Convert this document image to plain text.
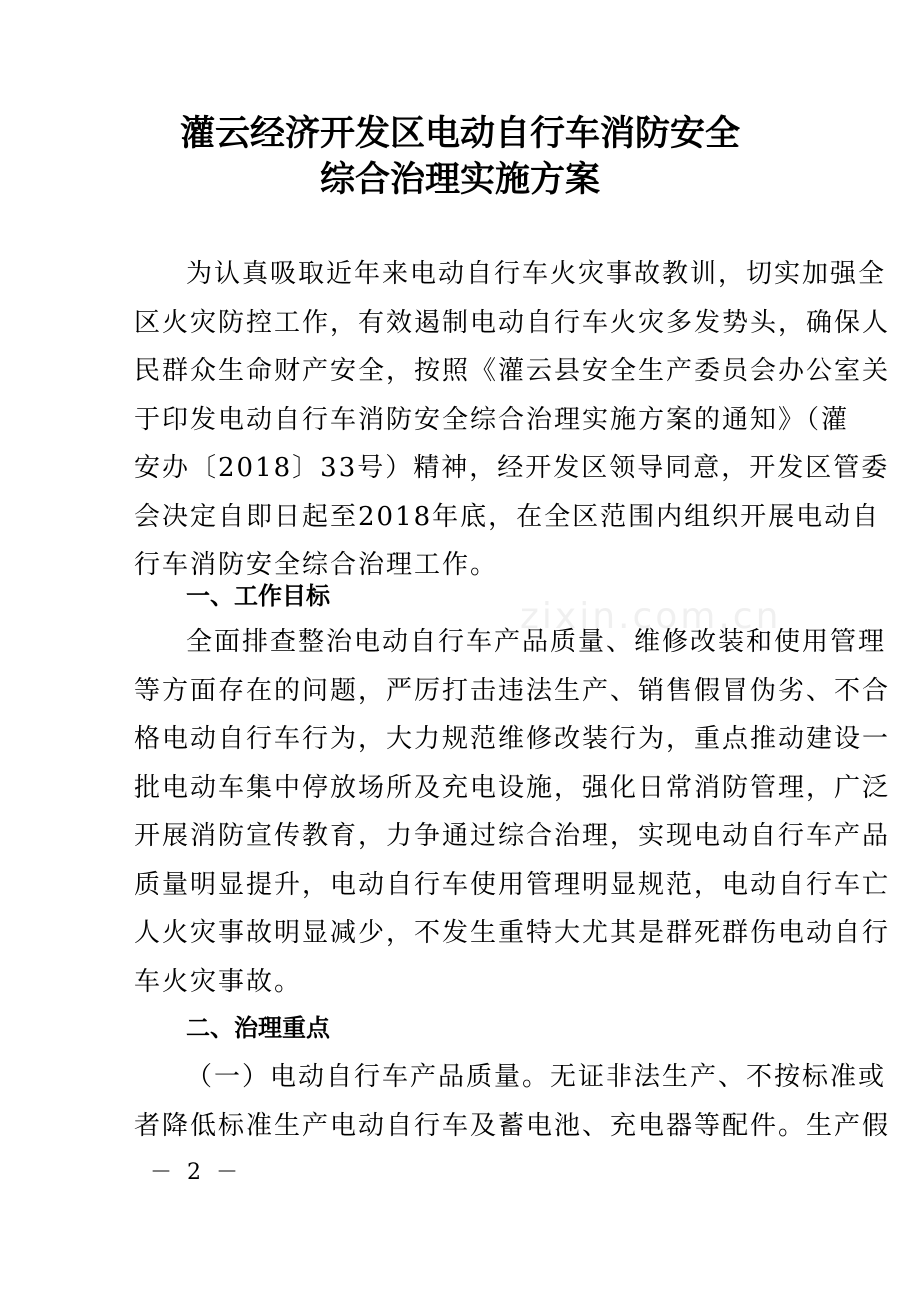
灌云经济开发区电动自行车消防安全
综合治理实施方案
为认真吸取近年来电动自行车火灾事故教训，切实加强全
区火灾防控工作，有效遏制电动自行车火灾多发势头，确保人
民群众生命财产安全，按照《灌云县安全生产委员会办公室关
于印发电动自行车消防安全综合治理实施方案的通知》（灌
安办〔2018〕33号）精神，经开发区领导同意，开发区管委
会决定自即日起至2018年底，在全区范围内组织开展电动自
行车消防安全综合治理工作。
一、工作目标	zixin.com.cn
全面排查整治电动自行车产品质量、维修改装和使用管理
等方面存在的问题，严厉打击违法生产、销售假冒伪劣、不合
格电动自行车行为，大力规范维修改装行为，重点推动建设一
批电动车集中停放场所及充电设施，强化日常消防管理，广泛
开展消防宣传教育，力争通过综合治理，实现电动自行车产品
质量明显提升，电动自行车使用管理明显规范，电动自行车亡
人火灾事故明显减少，不发生重特大尤其是群死群伤电动自行
车火灾事故。
二、治理重点
（一）电动自行车产品质量。无证非法生产、不按标准或
者降低标准生产电动自行车及蓄电池、充电器等配件。生产假
－ 2 －
